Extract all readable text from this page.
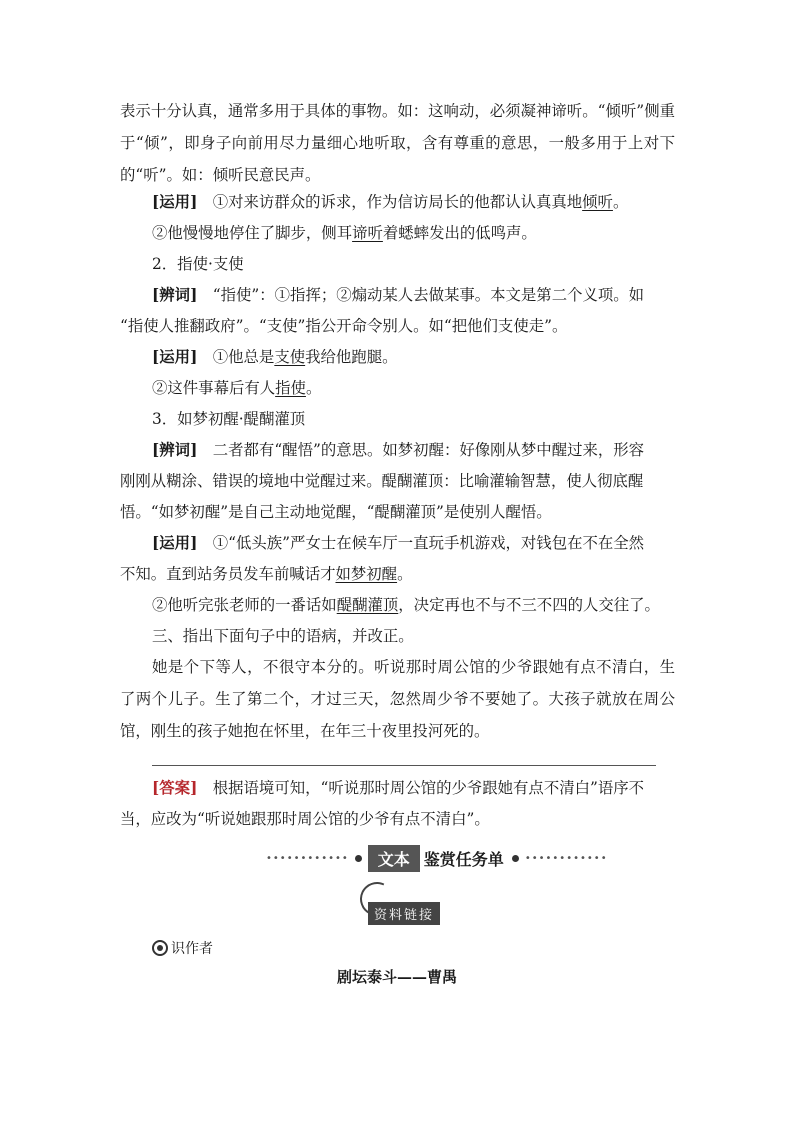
表示十分认真，通常多用于具体的事物。如：这响动，必须凝神谛听。“倾听”侧重于“倾”，即身子向前用尽力量细心地听取，含有尊重的意思，一般多用于上对下的“听”。如：倾听民意民声。

[运用]　①对来访群众的诉求，作为信访局长的他都认认真真地倾听。
②他慢慢地停住了脚步，侧耳谛听着蟋蟀发出的低鸣声。
2．指使·支使
[辨词]　“指使”：①指挥；②煽动某人去做某事。本文是第二个义项。如
“指使人推翻政府”。“支使”指公开命令别人。如“把他们支使走”。
[运用]　①他总是支使我给他跑腿。
②这件事幕后有人指使。
3．如梦初醒·醍醐灌顶
[辨词]　二者都有“醒悟”的意思。如梦初醒：好像刚从梦中醒过来，形容
刚刚从糊涂、错误的境地中觉醒过来。醍醐灌顶：比喻灌输智慧，使人彻底醒
悟。“如梦初醒”是自己主动地觉醒，“醍醐灌顶”是使别人醒悟。
[运用]　①“低头族”严女士在候车厅一直玩手机游戏，对钱包在不在全然
不知。直到站务员发车前喊话才如梦初醒。
②他听完张老师的一番话如醍醐灌顶，决定再也不与不三不四的人交往了。
三、指出下面句子中的语病，并改正。

她是个下等人，不很守本分的。听说那时周公馆的少爷跟她有点不清白，生了两个儿子。生了第二个，才过三天，忽然周少爷不要她了。大孩子就放在周公馆，刚生的孩子她抱在怀里，在年三十夜里投河死的。

[答案]　根据语境可知，“听说那时周公馆的少爷跟她有点不清白”语序不
当，应改为“听说她跟那时周公馆的少爷有点不清白”。
••••••••••••	文本 鉴赏任务单 ••••••••••••
资料链接
识作者
剧坛泰斗——曹禺
